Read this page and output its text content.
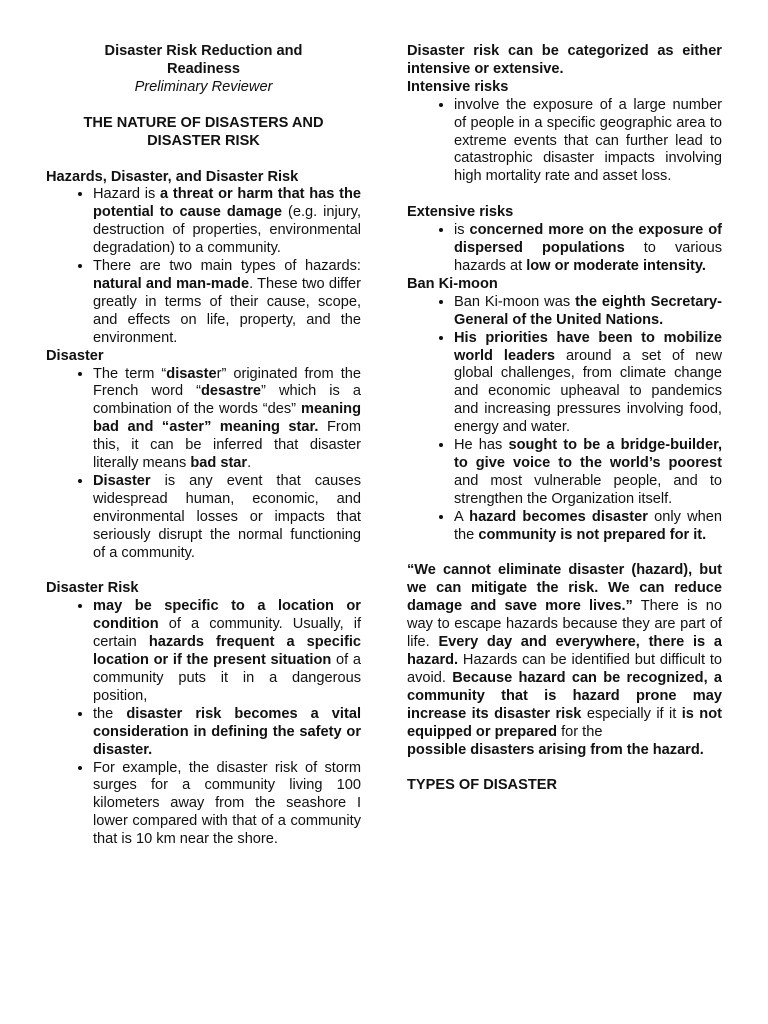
Disaster Risk Reduction and

Readiness

Preliminary Reviewer

THE NATURE OF DISASTERS AND

DISASTER RISK

Hazards, Disaster, and Disaster Risk

• Hazard is a threat or harm that has the potential to cause damage (e.g. injury, destruction of properties, environmental degradation) to a community.
• There are two main types of hazards: natural and man-made. These two differ greatly in terms of their cause, scope, and effects on life, property, and the environment.

Disaster

• The term “disaster” originated from the French word “desastre” which is a combination of the words “des” meaning bad and “aster” meaning star. From this, it can be inferred that disaster literally means bad star.
• Disaster is any event that causes widespread human, economic, and environmental losses or impacts that seriously disrupt the normal functioning of a community.

Disaster Risk

• may be specific to a location or condition of a community. Usually, if certain hazards frequent a specific location or if the present situation of a community puts it in a dangerous position,
• the disaster risk becomes a vital consideration in defining the safety or disaster.
• For example, the disaster risk of storm surges for a community living 100 kilometers away from the seashore I lower compared with that of a community that is 10 km near the shore.

Disaster risk can be categorized as either intensive or extensive.

Intensive risks

• involve the exposure of a large number of people in a specific geographic area to extreme events that can further lead to catastrophic disaster impacts involving high mortality rate and asset loss.

Extensive risks

• is concerned more on the exposure of dispersed populations to various hazards at low or moderate intensity.

Ban Ki-moon

• Ban Ki-moon was the eighth Secretary-General of the United Nations.
• His priorities have been to mobilize world leaders around a set of new global challenges, from climate change and economic upheaval to pandemics and increasing pressures involving food, energy and water.
• He has sought to be a bridge-builder, to give voice to the world’s poorest and most vulnerable people, and to strengthen the Organization itself.
• A hazard becomes disaster only when the community is not prepared for it.

“We cannot eliminate disaster (hazard), but we can mitigate the risk. We can reduce damage and save more lives.” There is no way to escape hazards because they are part of life. Every day and everywhere, there is a hazard. Hazards can be identified but difficult to avoid. Because hazard can be recognized, a community that is hazard prone may increase its disaster risk especially if it is not equipped or prepared for the

possible disasters arising from the hazard.

TYPES OF DISASTER
